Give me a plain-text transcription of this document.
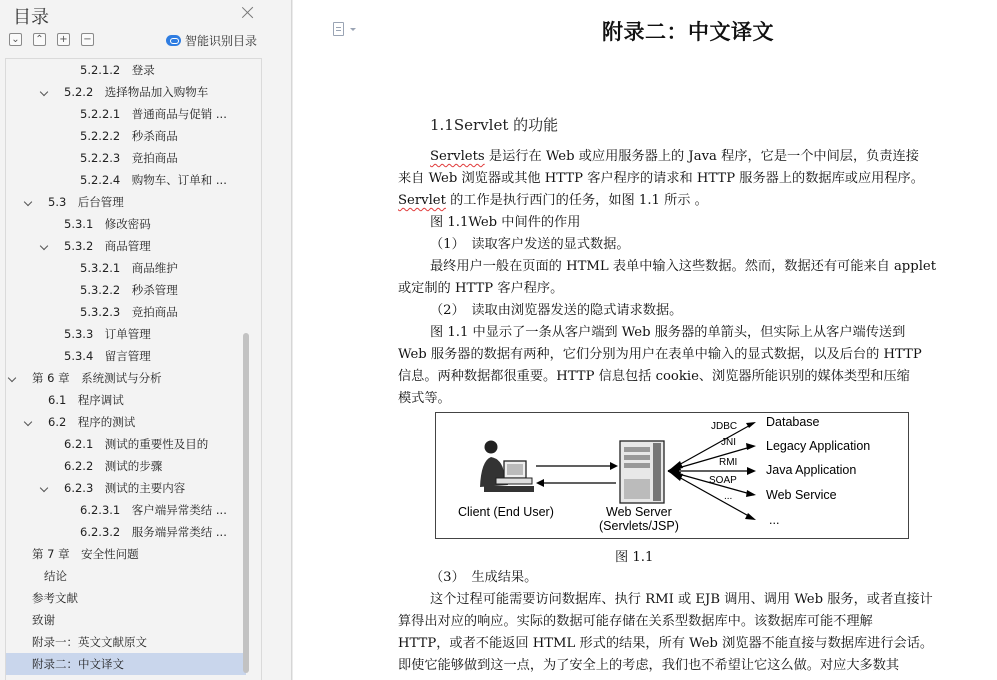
目录
⌄ ⌃ + −	智能识别目录
5.2.1.2　登录
5.2.2　选择物品加入购物车
5.2.2.1　普通商品与促销 ...
5.2.2.2　秒杀商品
5.2.2.3　竞拍商品
5.2.2.4　购物车、订单和 ...
5.3　后台管理
5.3.1　修改密码
5.3.2　商品管理
5.3.2.1　商品维护
5.3.2.2　秒杀管理
5.3.2.3　竞拍商品
5.3.3　订单管理
5.3.4　留言管理
第 6 章　系统测试与分析
6.1　程序调试
6.2　程序的测试
6.2.1　测试的重要性及目的
6.2.2　测试的步骤
6.2.3　测试的主要内容
6.2.3.1　客户端异常类结 ...
6.2.3.2　服务端异常类结 ...
第 7 章　安全性问题
结论
参考文献
致谢
附录一：英文文献原文
附录二：中文译文
附录二：中文译文
1.1Servlet 的功能
Client (End User)	Web Server
(Servlets/JSP)
JDBC
JNI
RMI
SOAP
...
Database
Legacy Application
Java Application
Web Service
...
图 1.1
Servlets 是运行在 Web 或应用服务器上的 Java 程序，它是一个中间层，负责连接
来自 Web 浏览器或其他 HTTP 客户程序的请求和 HTTP 服务器上的数据库或应用程序。
Servlet 的工作是执行西门的任务，如图 1.1 所示 。
图 1.1Web 中间件的作用
（1）　读取客户发送的显式数据。
最终用户一般在页面的 HTML 表单中输入这些数据。然而，数据还有可能来自 applet
或定制的 HTTP 客户程序。
（2）　读取由浏览器发送的隐式请求数据。
图 1.1 中显示了一条从客户端到 Web 服务器的单箭头，但实际上从客户端传送到
Web 服务器的数据有两种，它们分别为用户在表单中输入的显式数据，以及后台的 HTTP
信息。两种数据都很重要。HTTP 信息包括 cookie、浏览器所能识别的媒体类型和压缩
模式等。
（3）　生成结果。
这个过程可能需要访问数据库、执行 RMI 或 EJB 调用、调用 Web 服务，或者直接计
算得出对应的响应。实际的数据可能存储在关系型数据库中。该数据库可能不理解
HTTP，或者不能返回 HTML 形式的结果，所有 Web 浏览器不能直接与数据库进行会话。
即使它能够做到这一点，为了安全上的考虑，我们也不希望让它这么做。对应大多数其
